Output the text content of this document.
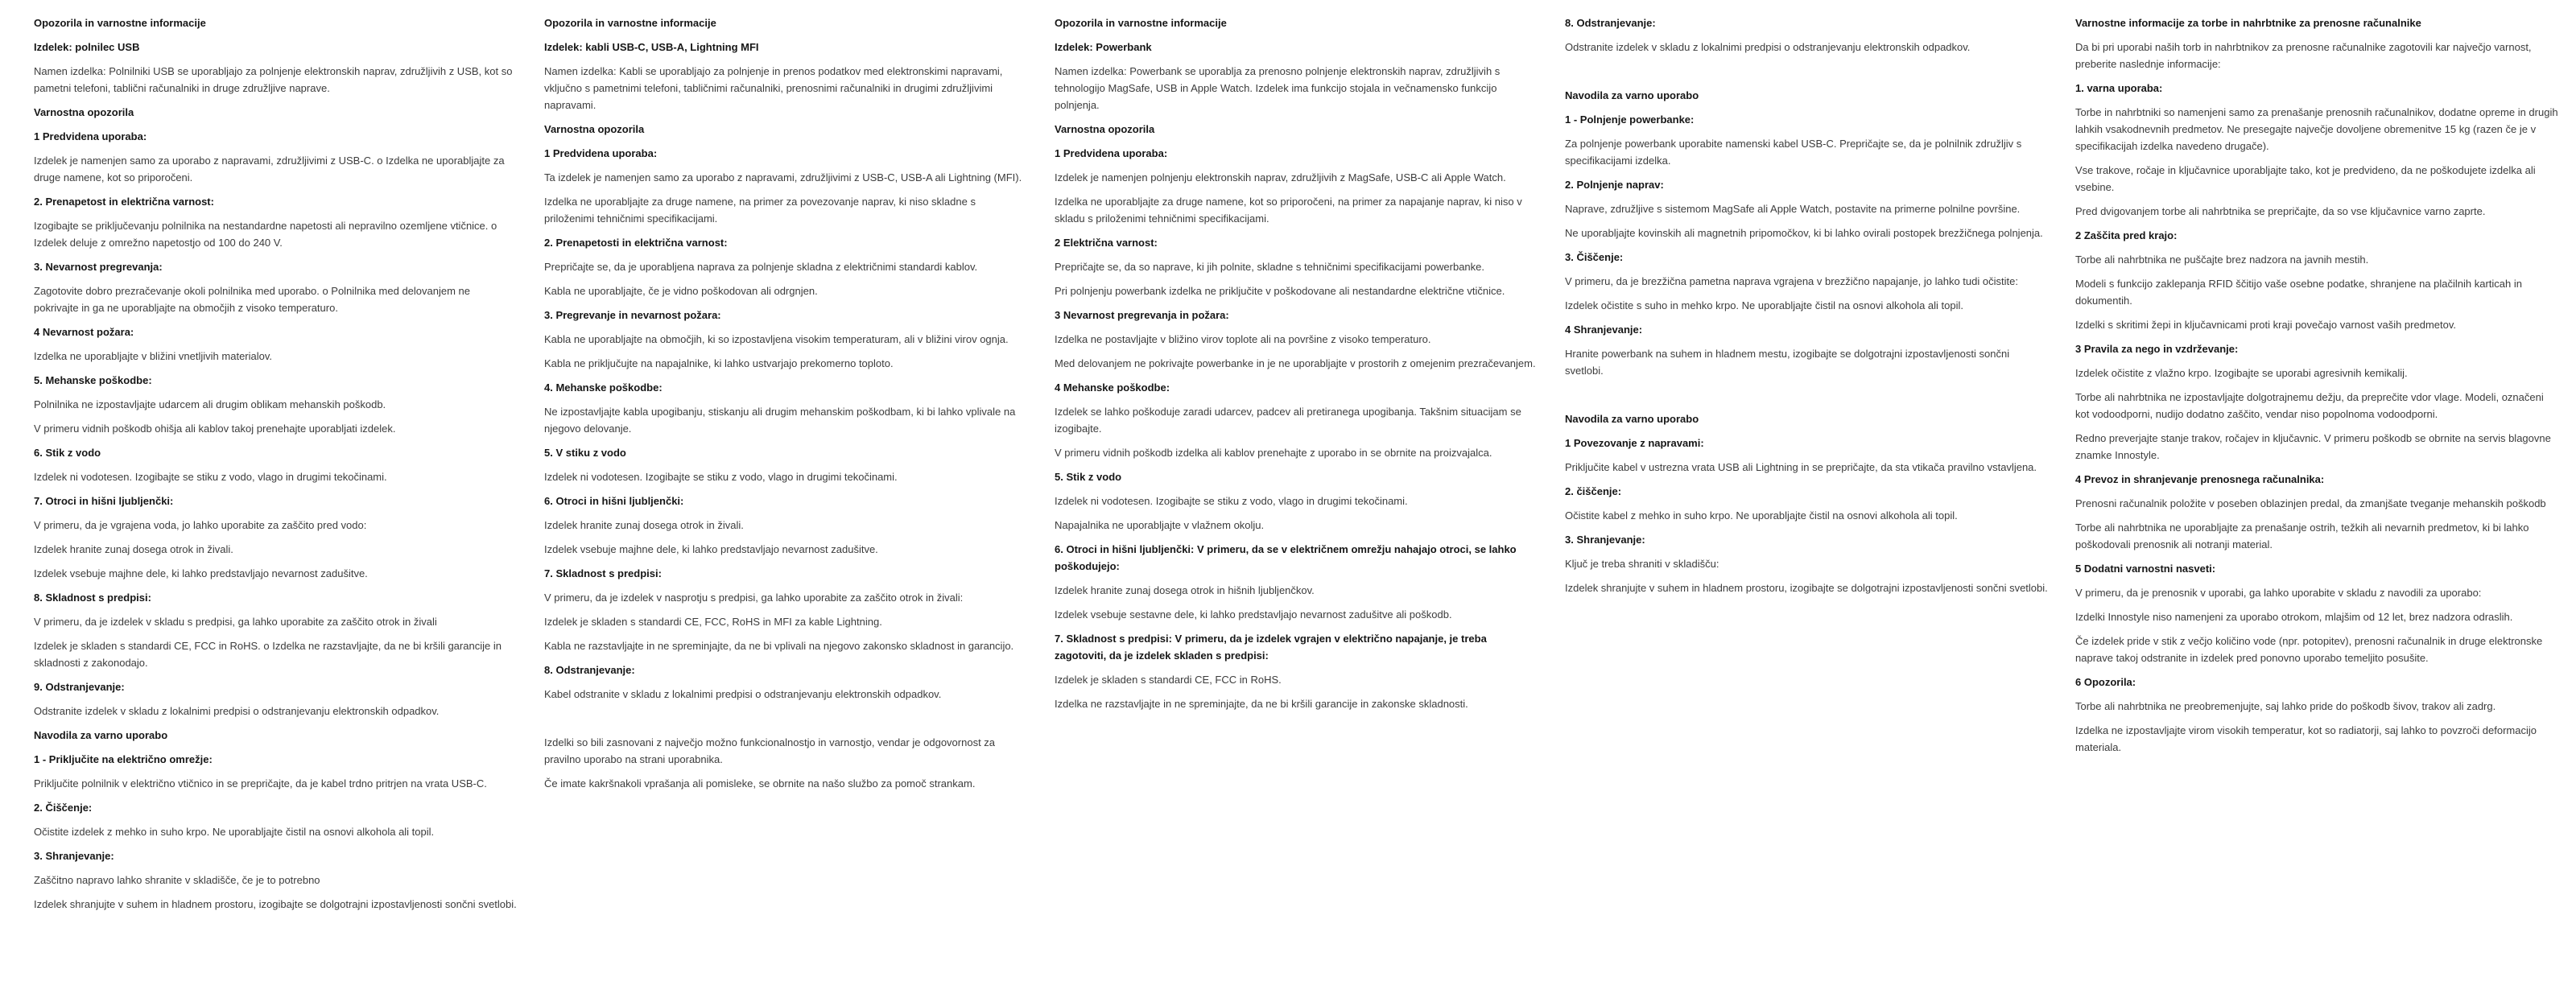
Opozorila in varnostne informacije
Izdelek: polnilec USB

Namen izdelka: Polnilniki USB se uporabljajo za polnjenje elektronskih naprav, združljivih z USB, kot so pametni telefoni, tablični računalniki in druge združljive naprave.

Varnostna opozorila
1 Predvidena uporaba:

Izdelek je namenjen samo za uporabo z napravami, združljivimi z USB-C. o Izdelka ne uporabljajte za druge namene, kot so priporočeni.

2. Prenapetost in električna varnost:

Izogibajte se priključevanju polnilnika na nestandardne napetosti ali nepravilno ozemljene vtičnice. o Izdelek deluje z omrežno napetostjo od 100 do 240 V.

3. Nevarnost pregrevanja:

Zagotovite dobro prezračevanje okoli polnilnika med uporabo. o Polnilnika med delovanjem ne pokrivajte in ga ne uporabljajte na območjih z visoko temperaturo.

4 Nevarnost požara:

Izdelka ne uporabljajte v bližini vnetljivih materialov.

5. Mehanske poškodbe:

Polnilnika ne izpostavljajte udarcem ali drugim oblikam mehanskih poškodb.

V primeru vidnih poškodb ohišja ali kablov takoj prenehajte uporabljati izdelek.

6. Stik z vodo

Izdelek ni vodotesen. Izogibajte se stiku z vodo, vlago in drugimi tekočinami.

7. Otroci in hišni ljubljenčki:

V primeru, da je vgrajena voda, jo lahko uporabite za zaščito pred vodo:

Izdelek hranite zunaj dosega otrok in živali.

Izdelek vsebuje majhne dele, ki lahko predstavljajo nevarnost zadušitve.

8. Skladnost s predpisi:

V primeru, da je izdelek v skladu s predpisi, ga lahko uporabite za zaščito otrok in živali

Izdelek je skladen s standardi CE, FCC in RoHS. o Izdelka ne razstavljajte, da ne bi kršili garancije in skladnosti z zakonodajo.

9. Odstranjevanje:

Odstranite izdelek v skladu z lokalnimi predpisi o odstranjevanju elektronskih odpadkov.

Navodila za varno uporabo
1 - Priključite na električno omrežje:

Priključite polnilnik v električno vtičnico in se prepričajte, da je kabel trdno pritrjen na vrata USB-C.

2. Čiščenje:

Očistite izdelek z mehko in suho krpo. Ne uporabljajte čistil na osnovi alkohola ali topil.

3. Shranjevanje:

Zaščitno napravo lahko shranite v skladišče, če je to potrebno

Izdelek shranjujte v suhem in hladnem prostoru, izogibajte se dolgotrajni izpostavljenosti sončni svetlobi.

Opozorila in varnostne informacije
Izdelek: kabli USB-C, USB-A, Lightning MFI

Namen izdelka: Kabli se uporabljajo za polnjenje in prenos podatkov med elektronskimi napravami, vključno s pametnimi telefoni, tabličnimi računalniki, prenosnimi računalniki in drugimi združljivimi napravami.

Varnostna opozorila
1 Predvidena uporaba:

Ta izdelek je namenjen samo za uporabo z napravami, združljivimi z USB-C, USB-A ali Lightning (MFI).

Izdelka ne uporabljajte za druge namene, na primer za povezovanje naprav, ki niso skladne s priloženimi tehničnimi specifikacijami.

2. Prenapetosti in električna varnost:

Prepričajte se, da je uporabljena naprava za polnjenje skladna z električnimi standardi kablov.

Kabla ne uporabljajte, če je vidno poškodovan ali odrgnjen.

3. Pregrevanje in nevarnost požara:

Kabla ne uporabljajte na območjih, ki so izpostavljena visokim temperaturam, ali v bližini virov ognja.

Kabla ne priključujte na napajalnike, ki lahko ustvarjajo prekomerno toploto.

4. Mehanske poškodbe:

Ne izpostavljajte kabla upogibanju, stiskanju ali drugim mehanskim poškodbam, ki bi lahko vplivale na njegovo delovanje.

5. V stiku z vodo

Izdelek ni vodotesen. Izogibajte se stiku z vodo, vlago in drugimi tekočinami.

6. Otroci in hišni ljubljenčki:

Izdelek hranite zunaj dosega otrok in živali.

Izdelek vsebuje majhne dele, ki lahko predstavljajo nevarnost zadušitve.

7. Skladnost s predpisi:

V primeru, da je izdelek v nasprotju s predpisi, ga lahko uporabite za zaščito otrok in živali:

Izdelek je skladen s standardi CE, FCC, RoHS in MFI za kable Lightning.

Kabla ne razstavljajte in ne spreminjajte, da ne bi vplivali na njegovo zakonsko skladnost in garancijo.

8. Odstranjevanje:

Kabel odstranite v skladu z lokalnimi predpisi o odstranjevanju elektronskih odpadkov.

Izdelki so bili zasnovani z največjo možno funkcionalnostjo in varnostjo, vendar je odgovornost za pravilno uporabo na strani uporabnika.

Če imate kakršnakoli vprašanja ali pomisleke, se obrnite na našo službo za pomoč strankam.

Opozorila in varnostne informacije
Izdelek: Powerbank

Namen izdelka: Powerbank se uporablja za prenosno polnjenje elektronskih naprav, združljivih s tehnologijo MagSafe, USB in Apple Watch. Izdelek ima funkcijo stojala in večnamensko funkcijo polnjenja.

Varnostna opozorila
1 Predvidena uporaba:

Izdelek je namenjen polnjenju elektronskih naprav, združljivih z MagSafe, USB-C ali Apple Watch.

Izdelka ne uporabljajte za druge namene, kot so priporočeni, na primer za napajanje naprav, ki niso v skladu s priloženimi tehničnimi specifikacijami.

2 Električna varnost:

Prepričajte se, da so naprave, ki jih polnite, skladne s tehničnimi specifikacijami powerbanke.

Pri polnjenju powerbank izdelka ne priključite v poškodovane ali nestandardne električne vtičnice.

3 Nevarnost pregrevanja in požara:

Izdelka ne postavljajte v bližino virov toplote ali na površine z visoko temperaturo.

Med delovanjem ne pokrivajte powerbanke in je ne uporabljajte v prostorih z omejenim prezračevanjem.

4 Mehanske poškodbe:

Izdelek se lahko poškoduje zaradi udarcev, padcev ali pretiranega upogibanja. Takšnim situacijam se izogibajte.

V primeru vidnih poškodb izdelka ali kablov prenehajte z uporabo in se obrnite na proizvajalca.

5. Stik z vodo

Izdelek ni vodotesen. Izogibajte se stiku z vodo, vlago in drugimi tekočinami.

Napajalnika ne uporabljajte v vlažnem okolju.

6. Otroci in hišni ljubljenčki: V primeru, da se v električnem omrežju nahajajo otroci, se lahko poškodujejo:

Izdelek hranite zunaj dosega otrok in hišnih ljubljenčkov.

Izdelek vsebuje sestavne dele, ki lahko predstavljajo nevarnost zadušitve ali poškodb.

7. Skladnost s predpisi: V primeru, da je izdelek vgrajen v električno napajanje, je treba zagotoviti, da je izdelek skladen s predpisi:

Izdelek je skladen s standardi CE, FCC in RoHS.

Izdelka ne razstavljajte in ne spreminjajte, da ne bi kršili garancije in zakonske skladnosti.

8. Odstranjevanje:

Odstranite izdelek v skladu z lokalnimi predpisi o odstranjevanju elektronskih odpadkov.

Navodila za varno uporabo
1 - Polnjenje powerbanke:

Za polnjenje powerbank uporabite namenski kabel USB-C. Prepričajte se, da je polnilnik združljiv s specifikacijami izdelka.

2. Polnjenje naprav:

Naprave, združljive s sistemom MagSafe ali Apple Watch, postavite na primerne polnilne površine.

Ne uporabljajte kovinskih ali magnetnih pripomočkov, ki bi lahko ovirali postopek brezžičnega polnjenja.

3. Čiščenje:

V primeru, da je brezžična pametna naprava vgrajena v brezžično napajanje, jo lahko tudi očistite:

Izdelek očistite s suho in mehko krpo. Ne uporabljajte čistil na osnovi alkohola ali topil.

4 Shranjevanje:

Hranite powerbank na suhem in hladnem mestu, izogibajte se dolgotrajni izpostavljenosti sončni svetlobi.

Navodila za varno uporabo
1 Povezovanje z napravami:

Priključite kabel v ustrezna vrata USB ali Lightning in se prepričajte, da sta vtikača pravilno vstavljena.

2. čiščenje:

Očistite kabel z mehko in suho krpo. Ne uporabljajte čistil na osnovi alkohola ali topil.

3. Shranjevanje:

Ključ je treba shraniti v skladišču:

Izdelek shranjujte v suhem in hladnem prostoru, izogibajte se dolgotrajni izpostavljenosti sončni svetlobi.

Varnostne informacije za torbe in nahrbtnike za prenosne računalnike

Da bi pri uporabi naših torb in nahrbtnikov za prenosne računalnike zagotovili kar največjo varnost, preberite naslednje informacije:

1. varna uporaba:

Torbe in nahrbtniki so namenjeni samo za prenašanje prenosnih računalnikov, dodatne opreme in drugih lahkih vsakodnevnih predmetov. Ne presegajte največje dovoljene obremenitve 15 kg (razen če je v specifikacijah izdelka navedeno drugače).

Vse trakove, ročaje in ključavnice uporabljajte tako, kot je predvideno, da ne poškodujete izdelka ali vsebine.

Pred dvigovanjem torbe ali nahrbtnika se prepričajte, da so vse ključavnice varno zaprte.

2 Zaščita pred krajo:

Torbe ali nahrbtnika ne puščajte brez nadzora na javnih mestih.

Modeli s funkcijo zaklepanja RFID ščitijo vaše osebne podatke, shranjene na plačilnih karticah in dokumentih.

Izdelki s skritimi žepi in ključavnicami proti kraji povečajo varnost vaših predmetov.

3 Pravila za nego in vzdrževanje:

Izdelek očistite z vlažno krpo. Izogibajte se uporabi agresivnih kemikalij.

Torbe ali nahrbtnika ne izpostavljajte dolgotrajnemu dežju, da preprečite vdor vlage. Modeli, označeni kot vodoodporni, nudijo dodatno zaščito, vendar niso popolnoma vodoodporni.

Redno preverjajte stanje trakov, ročajev in ključavnic. V primeru poškodb se obrnite na servis blagovne znamke Innostyle.

4 Prevoz in shranjevanje prenosnega računalnika:

Prenosni računalnik položite v poseben oblazinjen predal, da zmanjšate tveganje mehanskih poškodb

Torbe ali nahrbtnika ne uporabljajte za prenašanje ostrih, težkih ali nevarnih predmetov, ki bi lahko poškodovali prenosnik ali notranji material.

5 Dodatni varnostni nasveti:

V primeru, da je prenosnik v uporabi, ga lahko uporabite v skladu z navodili za uporabo:

Izdelki Innostyle niso namenjeni za uporabo otrokom, mlajšim od 12 let, brez nadzora odraslih.

Če izdelek pride v stik z večjo količino vode (npr. potopitev), prenosni računalnik in druge elektronske naprave takoj odstranite in izdelek pred ponovno uporabo temeljito posušite.

6 Opozorila:

Torbe ali nahrbtnika ne preobremenjujte, saj lahko pride do poškodb šivov, trakov ali zadrg.

Izdelka ne izpostavljajte virom visokih temperatur, kot so radiatorji, saj lahko to povzroči deformacijo materiala.
